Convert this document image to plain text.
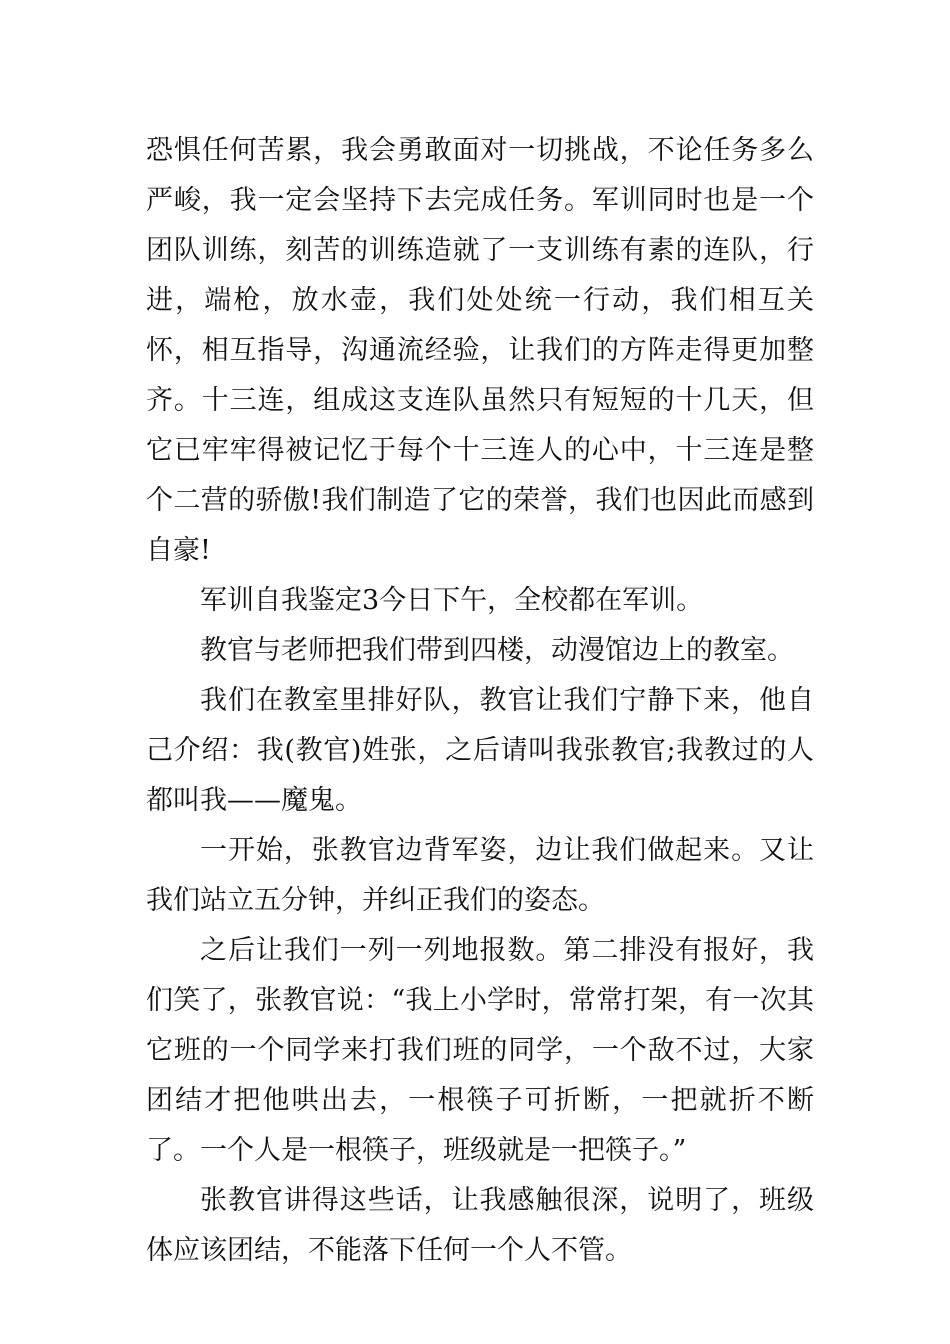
恐惧任何苦累，我会勇敢面对一切挑战，不论任务多么严峻，我一定会坚持下去完成任务。军训同时也是一个团队训练，刻苦的训练造就了一支训练有素的连队，行进，端枪，放水壶，我们处处统一行动，我们相互关怀，相互指导，沟通流经验，让我们的方阵走得更加整齐。十三连，组成这支连队虽然只有短短的十几天，但它已牢牢得被记忆于每个十三连人的心中，十三连是整个二营的骄傲!我们制造了它的荣誉，我们也因此而感到自豪!

军训自我鉴定3今日下午，全校都在军训。

教官与老师把我们带到四楼，动漫馆边上的教室。

我们在教室里排好队，教官让我们宁静下来，他自己介绍：我(教官)姓张，之后请叫我张教官;我教过的人都叫我——魔鬼。

一开始，张教官边背军姿，边让我们做起来。又让我们站立五分钟，并纠正我们的姿态。

之后让我们一列一列地报数。第二排没有报好，我们笑了，张教官说：“我上小学时，常常打架，有一次其它班的一个同学来打我们班的同学，一个敌不过，大家团结才把他哄出去，一根筷子可折断，一把就折不断了。一个人是一根筷子，班级就是一把筷子。”

张教官讲得这些话，让我感触很深，说明了，班级体应该团结，不能落下任何一个人不管。
